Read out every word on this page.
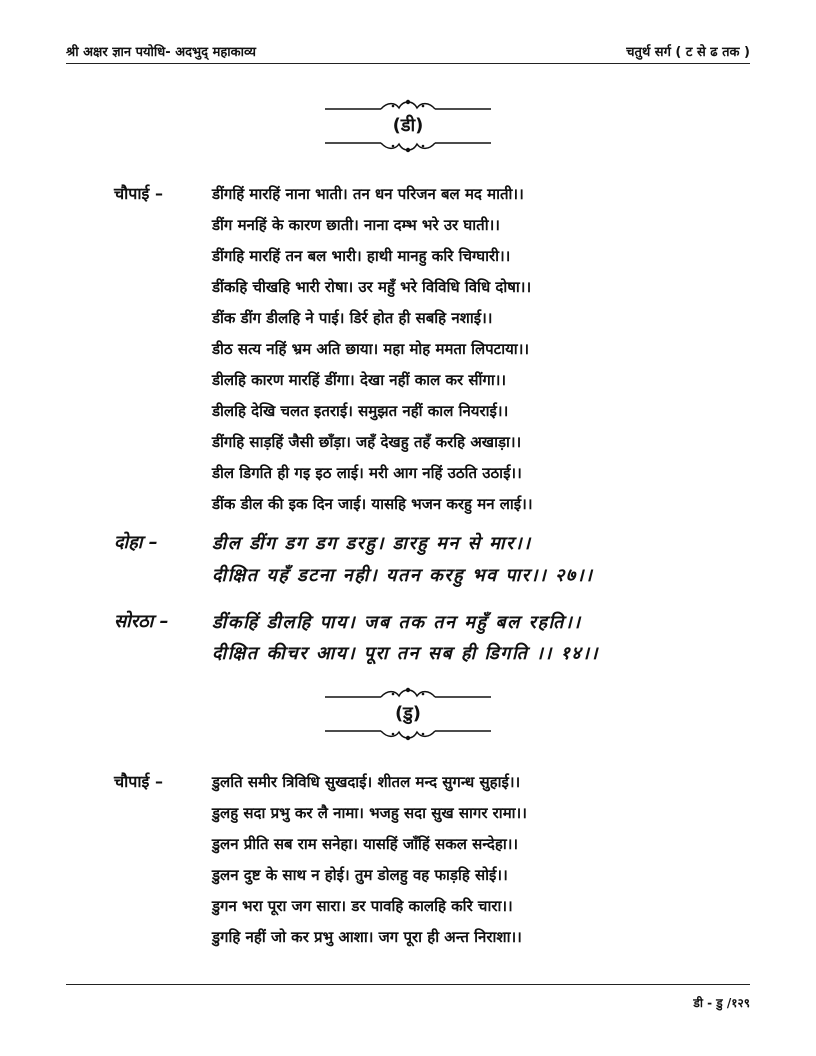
श्री अक्षर ज्ञान पयोधि- अदभुद् महाकाव्य	चतुर्थ सर्ग ( ट से ढ तक )
(डी)
चौपाई –	डींगहिं मारहिं नाना भाती। तन धन परिजन बल मद माती।।
डींग मनहिं के कारण छाती। नाना दम्भ भरे उर घाती।।
डींगहि मारहिं तन बल भारी। हाथी मानहु करि चिग्घारी।।
डींकहि चीखहि भारी रोषा। उर महुँ भरे विविधि विधि दोषा।।
डींक डींग डीलहि ने पाई। डिर्र होत ही सबहि नशाई।।
डीठ सत्य नहिं भ्रम अति छाया। महा मोह ममता लिपटाया।।
डीलहि कारण मारहिं डींगा। देखा नहीं काल कर सींगा।।
डीलहि देखि चलत इतराई। समुझत नहीं काल नियराई।।
डींगहि साड़हिं जैसी छाँड़ा। जहँ देखहु तहँ करहि अखाड़ा।।
डील डिगति ही गइ इठ लाई। मरी आग नहिं उठति उठाई।।
डींक डील की इक दिन जाई। यासहि भजन करहु मन लाई।।
दोहा –	डील डींग डग डग डरहु। डारहु मन से मार।।
दीक्षित यहँ डटना नही। यतन करहु भव पार।। २७।।
सोरठा – डींकहिं डीलहि पाय। जब तक तन महुँ बल रहति।।
दीक्षित कीचर आय। पूरा तन सब ही डिगति ।। १४।।
(डु)
चौपाई –	डुलति समीर त्रिविधि सुखदाई। शीतल मन्द सुगन्ध सुहाई।।
डुलहु सदा प्रभु कर लै नामा। भजहु सदा सुख सागर रामा।।
डुलन प्रीति सब राम सनेहा। यासहिं जाँहिं सकल सन्देहा।।
डुलन दुष्ट के साथ न होई। तुम डोलहु वह फाड़हि सोई।।
डुगन भरा पूरा जग सारा। डर पावहि कालहि करि चारा।।
डुगहि नहीं जो कर प्रभु आशा। जग पूरा ही अन्त निराशा।।
डी - डु /१२९
